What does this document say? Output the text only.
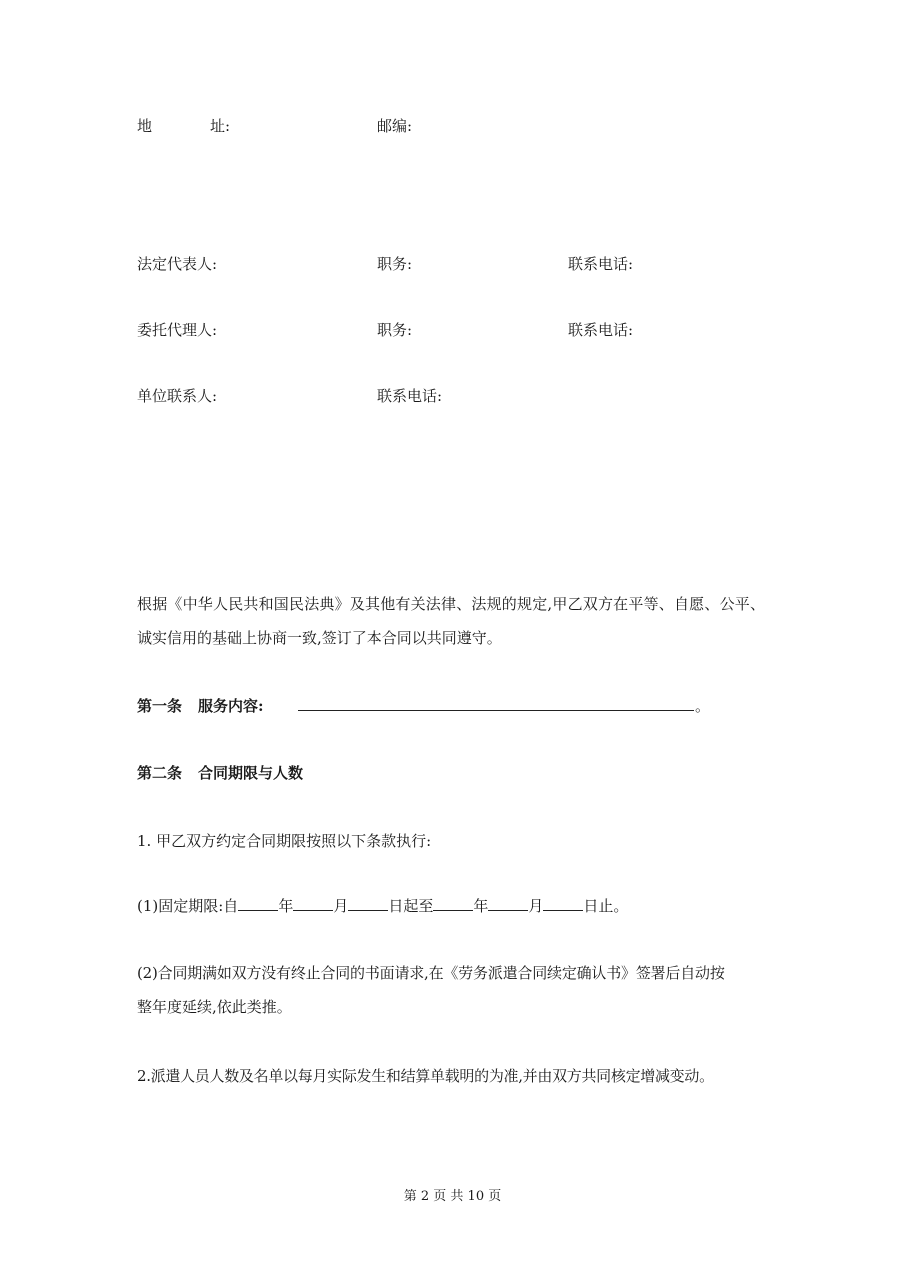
地	址:	邮编:
法定代表人:	职务:	联系电话:
委托代理人:	职务:	联系电话:
单位联系人:	联系电话:
根据《中华人民共和国民法典》及其他有关法律、法规的规定,甲乙双方在平等、自愿、公平、
诚实信用的基础上协商一致,签订了本合同以共同遵守。
第一条 服务内容:	。
第二条 合同期限与人数
1. 甲乙双方约定合同期限按照以下条款执行:
(1)固定期限:自	年	月	日起至	年	月	日止。
(2)合同期满如双方没有终止合同的书面请求,在《劳务派遣合同续定确认书》签署后自动按
整年度延续,依此类推。
2.派遣人员人数及名单以每月实际发生和结算单载明的为准,并由双方共同核定增减变动。
第 2 页 共 10 页
